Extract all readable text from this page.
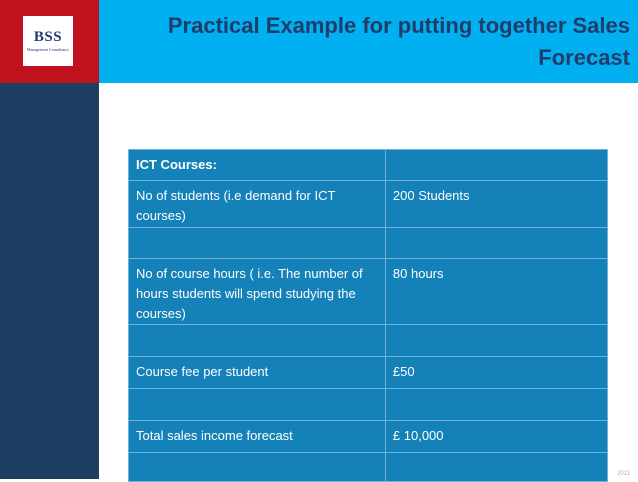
BSS
Management Consultancy
Practical Example for putting together Sales Forecast
ICT Courses:	
No of students (i.e demand for ICT courses)	200 Students

No of course hours ( i.e. The number of hours students will spend studying the courses)	80 hours

Course fee per student	£50

Total sales income forecast	£ 10,000

2011
